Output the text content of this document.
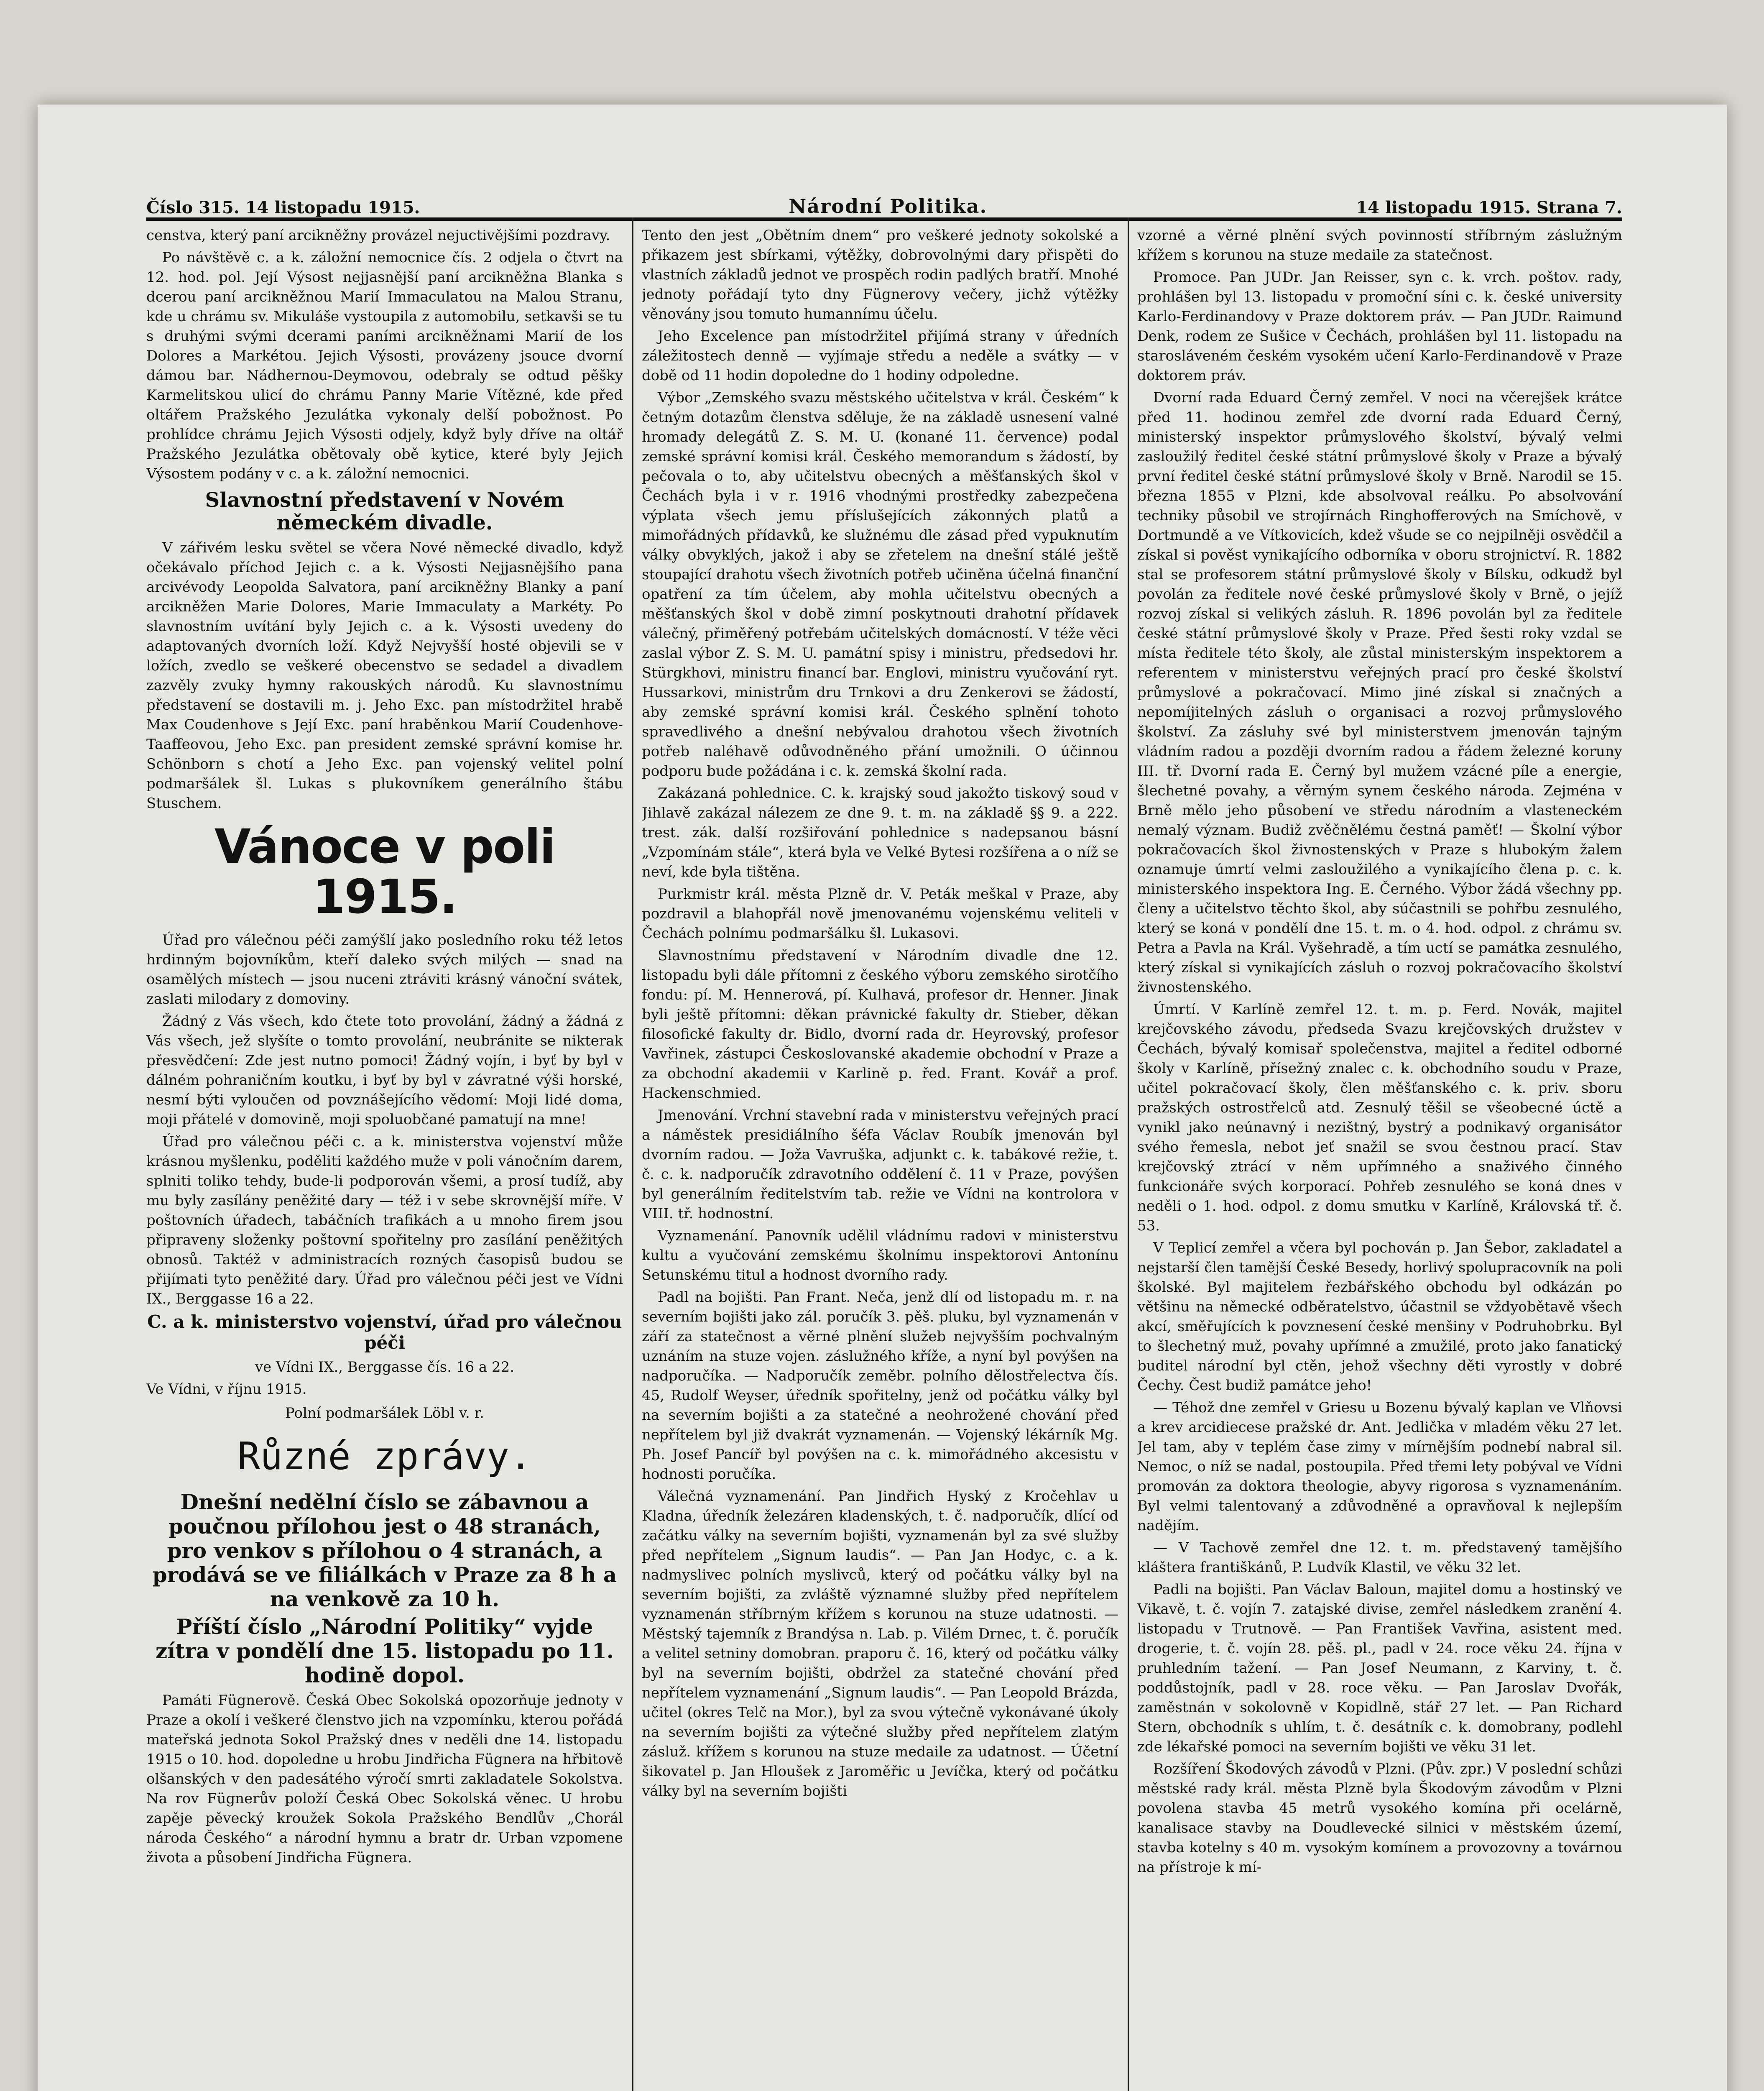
Číslo 315. 14 listopadu 1915.	Národní Politika.	14 listopadu 1915. Strana 7.

censtva, který paní arcikněžny provázel nejuctivějšími pozdravy.

Po návštěvě c. a k. záložní nemocnice čís. 2 odjela o čtvrt na 12. hod. pol. Její Výsost nejjasnější paní arcikněžna Blanka s dcerou paní arcikněžnou Marií Immaculatou na Malou Stranu, kde u chrámu sv. Mikuláše vystoupila z automobilu, setkavši se tu s druhými svými dcerami paními arcikněžnami Marií de los Dolores a Markétou. Jejich Výsosti, provázeny jsouce dvorní dámou bar. Nádhernou-Deymovou, odebraly se odtud pěšky Karmelitskou ulicí do chrámu Panny Marie Vítězné, kde před oltářem Pražského Jezulátka vykonaly delší pobožnost. Po prohlídce chrámu Jejich Výsosti odjely, když byly dříve na oltář Pražského Jezulátka obětovaly obě kytice, které byly Jejich Výsostem podány v c. a k. záložní nemocnici.

Slavnostní představení v Novém německém divadle.

V zářivém lesku světel se včera Nové německé divadlo, když očekávalo příchod Jejich c. a k. Výsosti Nejjasnějšího pana arcivévody Leopolda Salvatora, paní arcikněžny Blanky a paní arcikněžen Marie Dolores, Marie Immaculaty a Markéty. Po slavnostním uvítání byly Jejich c. a k. Výsosti uvedeny do adaptovaných dvorních loží. Když Nejvyšší hosté objevili se v ložích, zvedlo se veškeré obecenstvo se sedadel a divadlem zazvěly zvuky hymny rakouských národů. Ku slavnostnímu představení se dostavili m. j. Jeho Exc. pan místodržitel hrabě Max Coudenhove s Její Exc. paní hraběnkou Marií Coudenhove-Taaffeovou, Jeho Exc. pan president zemské správní komise hr. Schönborn s chotí a Jeho Exc. pan vojenský velitel polní podmaršálek šl. Lukas s plukovníkem generálního štábu Stuschem.

Vánoce v poli 1915.

Úřad pro válečnou péči zamýšlí jako posledního roku též letos hrdinným bojovníkům, kteří daleko svých milých — snad na osamělých místech — jsou nuceni ztráviti krásný vánoční svátek, zaslati milodary z domoviny.

Žádný z Vás všech, kdo čtete toto provolání, žádný a žádná z Vás všech, jež slyšíte o tomto provolání, neubránite se nikterak přesvědčení: Zde jest nutno pomoci! Žádný vojín, i byť by byl v dálném pohraničním koutku, i byť by byl v závratné výši horské, nesmí býti vyloučen od povznášejícího vědomí: Moji lidé doma, moji přátelé v domovině, moji spoluobčané pamatují na mne!

Úřad pro válečnou péči c. a k. ministerstva vojenství může krásnou myšlenku, poděliti každého muže v poli vánočním darem, splniti toliko tehdy, bude-li podporován všemi, a prosí tudíž, aby mu byly zasílány peněžité dary — též i v sebe skrovnější míře. V poštovních úřadech, tabáčních trafikách a u mnoho firem jsou připraveny složenky poštovní spořitelny pro zasílání peněžitých obnosů. Taktéž v administracích rozných časopisů budou se přijímati tyto peněžité dary. Úřad pro válečnou péči jest ve Vídni IX., Berggasse 16 a 22.

C. a k. ministerstvo vojenství, úřad pro válečnou péči

ve Vídni IX., Berggasse čís. 16 a 22.

Ve Vídni, v říjnu 1915.

Polní podmaršálek Löbl v. r.

Různé zprávy.
Dnešní nedělní číslo se zábavnou a poučnou přílohou jest o 48 stranách, pro venkov s přílohou o 4 stranách, a prodává se ve filiálkách v Praze za 8 h a na venkově za 10 h.
Příští číslo „Národní Politiky“ vyjde zítra v pondělí dne 15. listopadu po 11. hodině dopol.

Památi Fügnerově. Česká Obec Sokolská opozorňuje jednoty v Praze a okolí i veškeré členstvo jich na vzpomínku, kterou pořádá mateřská jednota Sokol Pražský dnes v neděli dne 14. listopadu 1915 o 10. hod. dopoledne u hrobu Jindřicha Fügnera na hřbitově olšanských v den padesátého výročí smrti zakladatele Sokolstva. Na rov Fügnerův položí Česká Obec Sokolská věnec. U hrobu zapěje pěvecký kroužek Sokola Pražského Bendlův „Chorál národa Českého“ a národní hymnu a bratr dr. Urban vzpomene života a působení Jindřicha Fügnera.

Tento den jest „Obětním dnem“ pro veškeré jednoty sokolské a přikazem jest sbírkami, výtěžky, dobrovolnými dary přispěti do vlastních základů jednot ve prospěch rodin padlých bratří. Mnohé jednoty pořádají tyto dny Fügnerovy večery, jichž výtěžky věnovány jsou tomuto humannímu účelu.

Jeho Excelence pan místodržitel přijímá strany v úředních záležitostech denně — vyjímaje středu a neděle a svátky — v době od 11 hodin dopoledne do 1 hodiny odpoledne.

Výbor „Zemského svazu městského učitelstva v král. Českém“ k četným dotazům členstva sděluje, že na základě usnesení valné hromady delegátů Z. S. M. U. (konané 11. července) podal zemské správní komisi král. Českého memorandum s žádostí, by pečovala o to, aby učitelstvu obecných a měšťanských škol v Čechách byla i v r. 1916 vhodnými prostředky zabezpečena výplata všech jemu příslušejících zákonných platů a mimořádných přídavků, ke služnému dle zásad před vypuknutím války obvyklých, jakož i aby se zřetelem na dnešní stálé ještě stoupající drahotu všech životních potřeb učiněna účelná finanční opatření za tím účelem, aby mohla učitelstvu obecných a měšťanských škol v době zimní poskytnouti drahotní přídavek válečný, přiměřený potřebám učitelských domácností. V téže věci zaslal výbor Z. S. M. U. památní spisy i ministru, předsedovi hr. Stürgkhovi, ministru financí bar. Englovi, ministru vyučování ryt. Hussarkovi, ministrům dru Trnkovi a dru Zenkerovi se žádostí, aby zemské správní komisi král. Českého splnění tohoto spravedlivého a dnešní nebývalou drahotou všech životních potřeb naléhavě odůvodněného přání umožnili. O účinnou podporu bude požádána i c. k. zemská školní rada.

Zakázaná pohlednice. C. k. krajský soud jakožto tiskový soud v Jihlavě zakázal nálezem ze dne 9. t. m. na základě §§ 9. a 222. trest. zák. další rozšiřování pohlednice s nadepsanou básní „Vzpomínám stále“, která byla ve Velké Bytesi rozšířena a o níž se neví, kde byla tištěna.

Purkmistr král. města Plzně dr. V. Peták meškal v Praze, aby pozdravil a blahopřál nově jmenovanému vojenskému veliteli v Čechách polnímu podmaršálku šl. Lukasovi.

Slavnostnímu představení v Národním divadle dne 12. listopadu byli dále přítomni z českého výboru zemského sirotčího fondu: pí. M. Hennerová, pí. Kulhavá, profesor dr. Henner. Jinak byli ještě přítomni: děkan právnické fakulty dr. Stieber, děkan filosofické fakulty dr. Bidlo, dvorní rada dr. Heyrovský, profesor Vavřinek, zástupci Českoslovanské akademie obchodní v Praze a za obchodní akademii v Karlině p. řed. Frant. Kovář a prof. Hackenschmied.

Jmenování. Vrchní stavební rada v ministerstvu veřejných prací a náměstek presidiálního šéfa Václav Roubík jmenován byl dvorním radou. — Joža Vavruška, adjunkt c. k. tabákové režie, t. č. c. k. nadporučík zdravotního oddělení č. 11 v Praze, povýšen byl generálním ředitelstvím tab. režie ve Vídni na kontrolora v VIII. tř. hodnostní.

Vyznamenání. Panovník udělil vládnímu radovi v ministerstvu kultu a vyučování zemskému školnímu inspektorovi Antonínu Setunskému titul a hodnost dvorního rady.

Padl na bojišti. Pan Frant. Neča, jenž dlí od listopadu m. r. na severním bojišti jako zál. poručík 3. pěš. pluku, byl vyznamenán v září za statečnost a věrné plnění služeb nejvyšším pochvalným uznáním na stuze vojen. záslužného kříže, a nyní byl povýšen na nadporučíka. — Nadporučík zeměbr. polního dělostřelectva čís. 45, Rudolf Weyser, úředník spořitelny, jenž od počátku války byl na severním bojišti a za statečné a neohrožené chování před nepřítelem byl již dvakrát vyznamenán. — Vojenský lékárník Mg. Ph. Josef Pancíř byl povýšen na c. k. mimořádného akcesistu v hodnosti poručíka.

Válečná vyznamenání. Pan Jindřich Hyský z Kročehlav u Kladna, úředník železáren kladenských, t. č. nadporučík, dlící od začátku války na severním bojišti, vyznamenán byl za své služby před nepřítelem „Signum laudis“. — Pan Jan Hodyc, c. a k. nadmyslivec polních myslivců, který od počátku války byl na severním bojišti, za zvláště významné služby před nepřítelem vyznamenán stříbrným křížem s korunou na stuze udatnosti. — Městský tajemník z Brandýsa n. Lab. p. Vilém Drnec, t. č. poručík a velitel setniny domobran. praporu č. 16, který od počátku války byl na severním bojišti, obdržel za statečné chování před nepřítelem vyznamenání „Signum laudis“. — Pan Leopold Brázda, učitel (okres Telč na Mor.), byl za svou výtečně vykonávané úkoly na severním bojišti za výtečné služby před nepřítelem zlatým zásluž. křížem s korunou na stuze medaile za udatnost. — Účetní šikovatel p. Jan Hloušek z Jaroměřic u Jevíčka, který od počátku války byl na severním bojišti

vzorné a věrné plnění svých povinností stříbrným záslužným křížem s korunou na stuze medaile za statečnost.

Promoce. Pan JUDr. Jan Reisser, syn c. k. vrch. poštov. rady, prohlášen byl 13. listopadu v promoční síni c. k. české university Karlo-Ferdinandovy v Praze doktorem práv. — Pan JUDr. Raimund Denk, rodem ze Sušice v Čechách, prohlášen byl 11. listopadu na starosláveném českém vysokém učení Karlo-Ferdinandově v Praze doktorem práv.

Dvorní rada Eduard Černý zemřel. V noci na včerejšek krátce před 11. hodinou zemřel zde dvorní rada Eduard Černý, ministerský inspektor průmyslového školství, bývalý velmi zasloužilý ředitel české státní průmyslové školy v Praze a bývalý první ředitel české státní průmyslové školy v Brně. Narodil se 15. března 1855 v Plzni, kde absolvoval reálku. Po absolvování techniky působil ve strojírnách Ringhofferových na Smíchově, v Dortmundě a ve Vítkovicích, kdež všude se co nejpilněji osvědčil a získal si pověst vynikajícího odborníka v oboru strojnictví. R. 1882 stal se profesorem státní průmyslové školy v Bílsku, odkudž byl povolán za ředitele nové české průmyslové školy v Brně, o jejíž rozvoj získal si velikých zásluh. R. 1896 povolán byl za ředitele české státní průmyslové školy v Praze. Před šesti roky vzdal se místa ředitele této školy, ale zůstal ministerským inspektorem a referentem v ministerstvu veřejných prací pro české školství průmyslové a pokračovací. Mimo jiné získal si značných a nepomíjitelných zásluh o organisaci a rozvoj průmyslového školství. Za zásluhy své byl ministerstvem jmenován tajným vládním radou a později dvorním radou a řádem železné koruny III. tř. Dvorní rada E. Černý byl mužem vzácné píle a energie, šlechetné povahy, a věrným synem českého národa. Zejména v Brně mělo jeho působení ve středu národním a vlasteneckém nemalý význam. Budiž zvěčnělému čestná paměť! — Školní výbor pokračovacích škol živnostenských v Praze s hlubokým žalem oznamuje úmrtí velmi zasloužilého a vynikajícího člena p. c. k. ministerského inspektora Ing. E. Černého. Výbor žádá všechny pp. členy a učitelstvo těchto škol, aby súčastnili se pohřbu zesnulého, který se koná v pondělí dne 15. t. m. o 4. hod. odpol. z chrámu sv. Petra a Pavla na Král. Vyšehradě, a tím uctí se památka zesnulého, který získal si vynikajících zásluh o rozvoj pokračovacího školství živnostenského.

Úmrtí. V Karlíně zemřel 12. t. m. p. Ferd. Novák, majitel krejčovského závodu, předseda Svazu krejčovských družstev v Čechách, bývalý komisař společenstva, majitel a ředitel odborné školy v Karlíně, přísežný znalec c. k. obchodního soudu v Praze, učitel pokračovací školy, člen měšťanského c. k. priv. sboru pražských ostrostřelců atd. Zesnulý těšil se všeobecné úctě a vynikl jako neúnavný i nezištný, bystrý a podnikavý organisátor svého řemesla, nebot jeť snažil se svou čestnou prací. Stav krejčovský ztrácí v něm upřímného a snaživého činného funkcionáře svých korporací. Pohřeb zesnulého se koná dnes v neděli o 1. hod. odpol. z domu smutku v Karlíně, Královská tř. č. 53.

V Teplicí zemřel a včera byl pochován p. Jan Šebor, zakladatel a nejstarší člen tamější České Besedy, horlivý spolupracovník na poli školské. Byl majitelem řezbářského obchodu byl odkázán po většinu na německé odběratelstvo, účastnil se vždyobětavě všech akcí, směřujících k povznesení české menšiny v Podruhobrku. Byl to šlechetný muž, povahy upřímné a zmužilé, proto jako fanatický buditel národní byl ctěn, jehož všechny děti vyrostly v dobré Čechy. Čest budiž památce jeho!

— Téhož dne zemřel v Griesu u Bozenu bývalý kaplan ve Vlňovsi a krev arcidiecese pražské dr. Ant. Jedlička v mladém věku 27 let. Jel tam, aby v teplém čase zimy v mírnějším podnebí nabral sil. Nemoc, o níž se nadal, postoupila. Před třemi lety pobýval ve Vídni promován za doktora theologie, abyvy rigorosa s vyznamenáním. Byl velmi talentovaný a zdůvodněné a opravňoval k nejlepším nadějím.

— V Tachově zemřel dne 12. t. m. představený tamějšího kláštera františkánů, P. Ludvík Klastil, ve věku 32 let.

Padli na bojišti. Pan Václav Baloun, majitel domu a hostinský ve Vikavě, t. č. vojín 7. zatajské divise, zemřel následkem zranění 4. listopadu v Trutnově. — Pan František Vavřina, asistent med. drogerie, t. č. vojín 28. pěš. pl., padl v 24. roce věku 24. října v pruhledním tažení. — Pan Josef Neumann, z Karviny, t. č. poddůstojník, padl v 28. roce věku. — Pan Jaroslav Dvořák, zaměstnán v sokolovně v Kopidlně, stář 27 let. — Pan Richard Stern, obchodník s uhlím, t. č. desátník c. k. domobrany, podlehl zde lékařské pomoci na severním bojišti ve věku 31 let.

Rozšíření Škodových závodů v Plzni. (Pův. zpr.) V poslední schůzi městské rady král. města Plzně byla Škodovým závodům v Plzni povolena stavba 45 metrů vysokého komína při ocelárně, kanalisace stavby na Doudlevecké silnici v městském území, stavba kotelny s 40 m. vysokým komínem a provozovny a továrnou na přístroje k mí-
